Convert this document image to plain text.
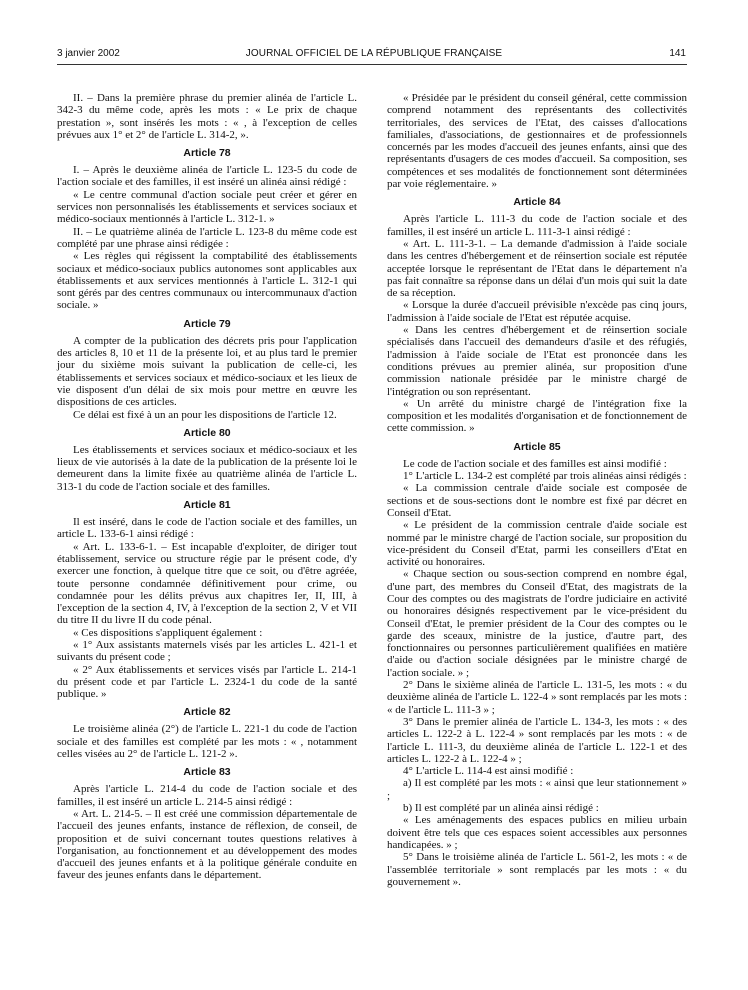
3 janvier 2002	JOURNAL OFFICIEL DE LA RÉPUBLIQUE FRANÇAISE	141

II. – Dans la première phrase du premier alinéa de l'article L. 342-3 du même code, après les mots : « Le prix de chaque prestation », sont insérés les mots : « , à l'exception de celles prévues aux 1° et 2° de l'article L. 314-2, ».

Article 78

I. – Après le deuxième alinéa de l'article L. 123-5 du code de l'action sociale et des familles, il est inséré un alinéa ainsi rédigé :

« Le centre communal d'action sociale peut créer et gérer en services non personnalisés les établissements et services sociaux et médico-sociaux mentionnés à l'article L. 312-1. »

II. – Le quatrième alinéa de l'article L. 123-8 du même code est complété par une phrase ainsi rédigée :

« Les règles qui régissent la comptabilité des établissements sociaux et médico-sociaux publics autonomes sont applicables aux établissements et aux services mentionnés à l'article L. 312-1 qui sont gérés par des centres communaux ou intercommunaux d'action sociale. »

Article 79

A compter de la publication des décrets pris pour l'application des articles 8, 10 et 11 de la présente loi, et au plus tard le premier jour du sixième mois suivant la publication de celle-ci, les établissements et services sociaux et médico-sociaux et les lieux de vie disposent d'un délai de six mois pour mettre en œuvre les dispositions de ces articles.

Ce délai est fixé à un an pour les dispositions de l'article 12.

Article 80

Les établissements et services sociaux et médico-sociaux et les lieux de vie autorisés à la date de la publication de la présente loi le demeurent dans la limite fixée au quatrième alinéa de l'article L. 313-1 du code de l'action sociale et des familles.

Article 81

Il est inséré, dans le code de l'action sociale et des familles, un article L. 133-6-1 ainsi rédigé :

« Art. L. 133-6-1. – Est incapable d'exploiter, de diriger tout établissement, service ou structure régie par le présent code, d'y exercer une fonction, à quelque titre que ce soit, ou d'être agréée, toute personne condamnée définitivement pour crime, ou condamnée pour les délits prévus aux chapitres Ier, II, III, à l'exception de la section 4, IV, à l'exception de la section 2, V et VII du titre II du livre II du code pénal.

« Ces dispositions s'appliquent également :

« 1° Aux assistants maternels visés par les articles L. 421-1 et suivants du présent code ;

« 2° Aux établissements et services visés par l'article L. 214-1 du présent code et par l'article L. 2324-1 du code de la santé publique. »

Article 82

Le troisième alinéa (2°) de l'article L. 221-1 du code de l'action sociale et des familles est complété par les mots : « , notamment celles visées au 2° de l'article L. 121-2 ».

Article 83

Après l'article L. 214-4 du code de l'action sociale et des familles, il est inséré un article L. 214-5 ainsi rédigé :

« Art. L. 214-5. – Il est créé une commission départementale de l'accueil des jeunes enfants, instance de réflexion, de conseil, de proposition et de suivi concernant toutes questions relatives à l'organisation, au fonctionnement et au développement des modes d'accueil des jeunes enfants et à la politique générale conduite en faveur des jeunes enfants dans le département.

« Présidée par le président du conseil général, cette commission comprend notamment des représentants des collectivités territoriales, des services de l'Etat, des caisses d'allocations familiales, d'associations, de gestionnaires et de professionnels concernés par les modes d'accueil des jeunes enfants, ainsi que des représentants d'usagers de ces modes d'accueil. Sa composition, ses compétences et ses modalités de fonctionnement sont déterminées par voie réglementaire. »

Article 84

Après l'article L. 111-3 du code de l'action sociale et des familles, il est inséré un article L. 111-3-1 ainsi rédigé :

« Art. L. 111-3-1. – La demande d'admission à l'aide sociale dans les centres d'hébergement et de réinsertion sociale est réputée acceptée lorsque le représentant de l'Etat dans le département n'a pas fait connaître sa réponse dans un délai d'un mois qui suit la date de sa réception.

« Lorsque la durée d'accueil prévisible n'excède pas cinq jours, l'admission à l'aide sociale de l'Etat est réputée acquise.

« Dans les centres d'hébergement et de réinsertion sociale spécialisés dans l'accueil des demandeurs d'asile et des réfugiés, l'admission à l'aide sociale de l'Etat est prononcée dans les conditions prévues au premier alinéa, sur proposition d'une commission nationale présidée par le ministre chargé de l'intégration ou son représentant.

« Un arrêté du ministre chargé de l'intégration fixe la composition et les modalités d'organisation et de fonctionnement de cette commission. »

Article 85

Le code de l'action sociale et des familles est ainsi modifié :

1° L'article L. 134-2 est complété par trois alinéas ainsi rédigés :

« La commission centrale d'aide sociale est composée de sections et de sous-sections dont le nombre est fixé par décret en Conseil d'Etat.

« Le président de la commission centrale d'aide sociale est nommé par le ministre chargé de l'action sociale, sur proposition du vice-président du Conseil d'Etat, parmi les conseillers d'Etat en activité ou honoraires.

« Chaque section ou sous-section comprend en nombre égal, d'une part, des membres du Conseil d'Etat, des magistrats de la Cour des comptes ou des magistrats de l'ordre judiciaire en activité ou honoraires désignés respectivement par le vice-président du Conseil d'Etat, le premier président de la Cour des comptes ou le garde des sceaux, ministre de la justice, d'autre part, des fonctionnaires ou personnes particulièrement qualifiées en matière d'aide ou d'action sociale désignées par le ministre chargé de l'action sociale. » ;

2° Dans le sixième alinéa de l'article L. 131-5, les mots : « du deuxième alinéa de l'article L. 122-4 » sont remplacés par les mots : « de l'article L. 111-3 » ;

3° Dans le premier alinéa de l'article L. 134-3, les mots : « des articles L. 122-2 à L. 122-4 » sont remplacés par les mots : « de l'article L. 111-3, du deuxième alinéa de l'article L. 122-1 et des articles L. 122-2 à L. 122-4 » ;

4° L'article L. 114-4 est ainsi modifié :

a) Il est complété par les mots : « ainsi que leur stationnement » ;

b) Il est complété par un alinéa ainsi rédigé :

« Les aménagements des espaces publics en milieu urbain doivent être tels que ces espaces soient accessibles aux personnes handicapées. » ;

5° Dans le troisième alinéa de l'article L. 561-2, les mots : « de l'assemblée territoriale » sont remplacés par les mots : « du gouvernement ».
